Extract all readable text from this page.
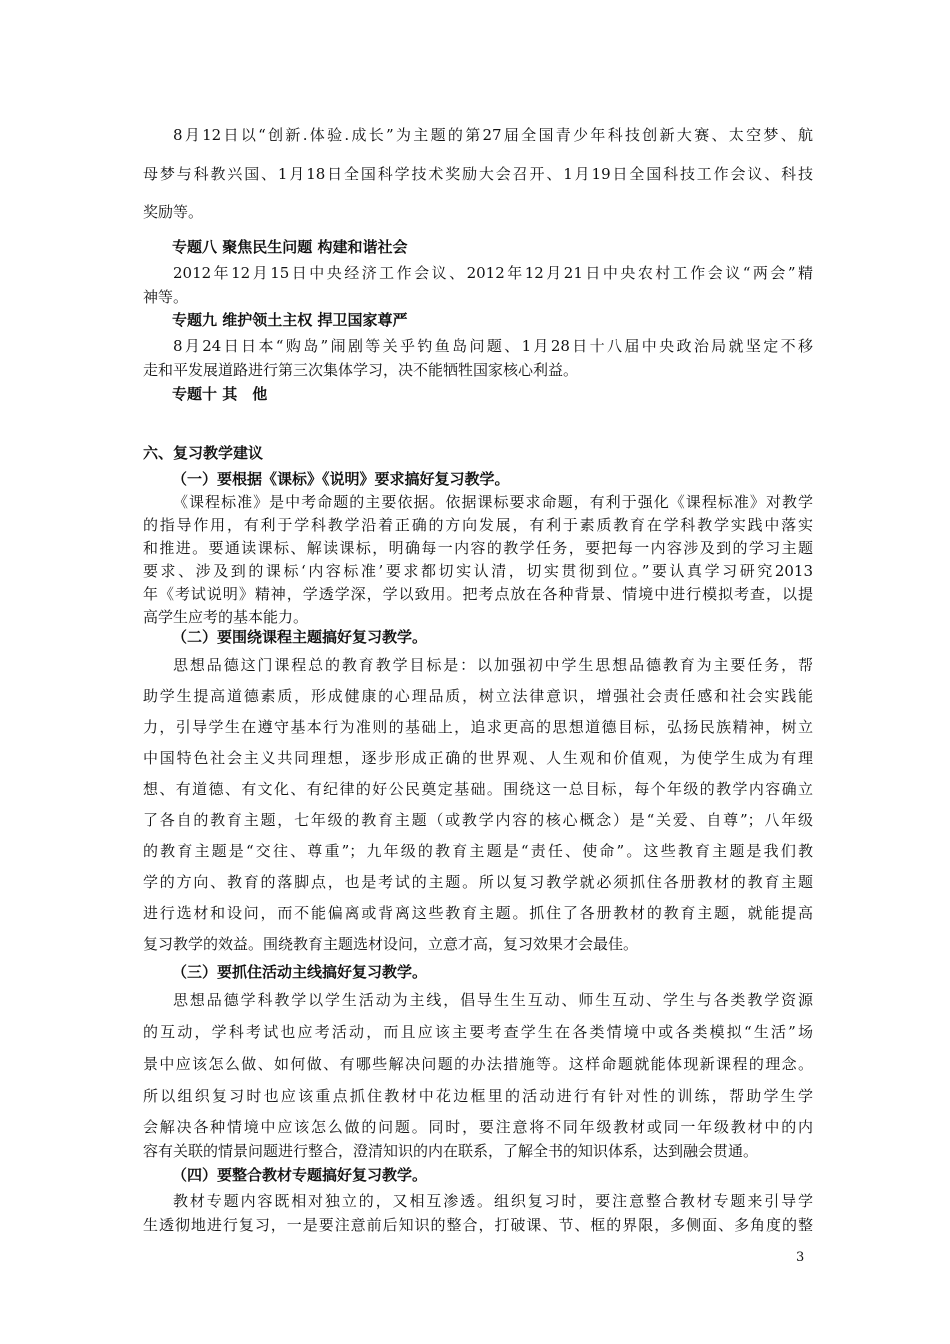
8月12日以“创新.体验.成长”为主题的第27届全国青少年科技创新大赛、太空梦、航

母梦与科教兴国、1月18日全国科学技术奖励大会召开、1月19日全国科技工作会议、科技

奖励等。

专题八 聚焦民生问题 构建和谐社会

2012年12月15日中央经济工作会议、2012年12月21日中央农村工作会议“两会”精

神等。

专题九 维护领土主权 捍卫国家尊严

8月24日日本“购岛”闹剧等关乎钓鱼岛问题、1月28日十八届中央政治局就坚定不移

走和平发展道路进行第三次集体学习，决不能牺牲国家核心利益。

专题十 其　他

六、复习教学建议

（一）要根据《课标》《说明》要求搞好复习教学。

《课程标准》是中考命题的主要依据。依据课标要求命题，有利于强化《课程标准》对教学

的指导作用，有利于学科教学沿着正确的方向发展，有利于素质教育在学科教学实践中落实

和推进。要通读课标、解读课标，明确每一内容的教学任务，要把每一内容涉及到的学习主题

要求、涉及到的课标‘内容标准’要求都切实认清，切实贯彻到位。”要认真学习研究2013

年《考试说明》精神，学透学深，学以致用。把考点放在各种背景、情境中进行模拟考查，以提

高学生应考的基本能力。

（二）要围绕课程主题搞好复习教学。

思想品德这门课程总的教育教学目标是：以加强初中学生思想品德教育为主要任务，帮

助学生提高道德素质，形成健康的心理品质，树立法律意识，增强社会责任感和社会实践能

力，引导学生在遵守基本行为准则的基础上，追求更高的思想道德目标，弘扬民族精神，树立

中国特色社会主义共同理想，逐步形成正确的世界观、人生观和价值观，为使学生成为有理

想、有道德、有文化、有纪律的好公民奠定基础。围绕这一总目标，每个年级的教学内容确立

了各自的教育主题，七年级的教育主题（或教学内容的核心概念）是“关爱、自尊”；八年级

的教育主题是“交往、尊重”；九年级的教育主题是“责任、使命”。这些教育主题是我们教

学的方向、教育的落脚点，也是考试的主题。所以复习教学就必须抓住各册教材的教育主题

进行选材和设问，而不能偏离或背离这些教育主题。抓住了各册教材的教育主题，就能提高

复习教学的效益。围绕教育主题选材设问，立意才高，复习效果才会最佳。

（三）要抓住活动主线搞好复习教学。

思想品德学科教学以学生活动为主线，倡导生生互动、师生互动、学生与各类教学资源

的互动，学科考试也应考活动，而且应该主要考查学生在各类情境中或各类模拟“生活”场

景中应该怎么做、如何做、有哪些解决问题的办法措施等。这样命题就能体现新课程的理念。

所以组织复习时也应该重点抓住教材中花边框里的活动进行有针对性的训练，帮助学生学

会解决各种情境中应该怎么做的问题。同时，要注意将不同年级教材或同一年级教材中的内

容有关联的情景问题进行整合，澄清知识的内在联系，了解全书的知识体系，达到融会贯通。

（四）要整合教材专题搞好复习教学。

教材专题内容既相对独立的，又相互渗透。组织复习时，要注意整合教材专题来引导学

生透彻地进行复习，一是要注意前后知识的整合，打破课、节、框的界限，多侧面、多角度的整

3
